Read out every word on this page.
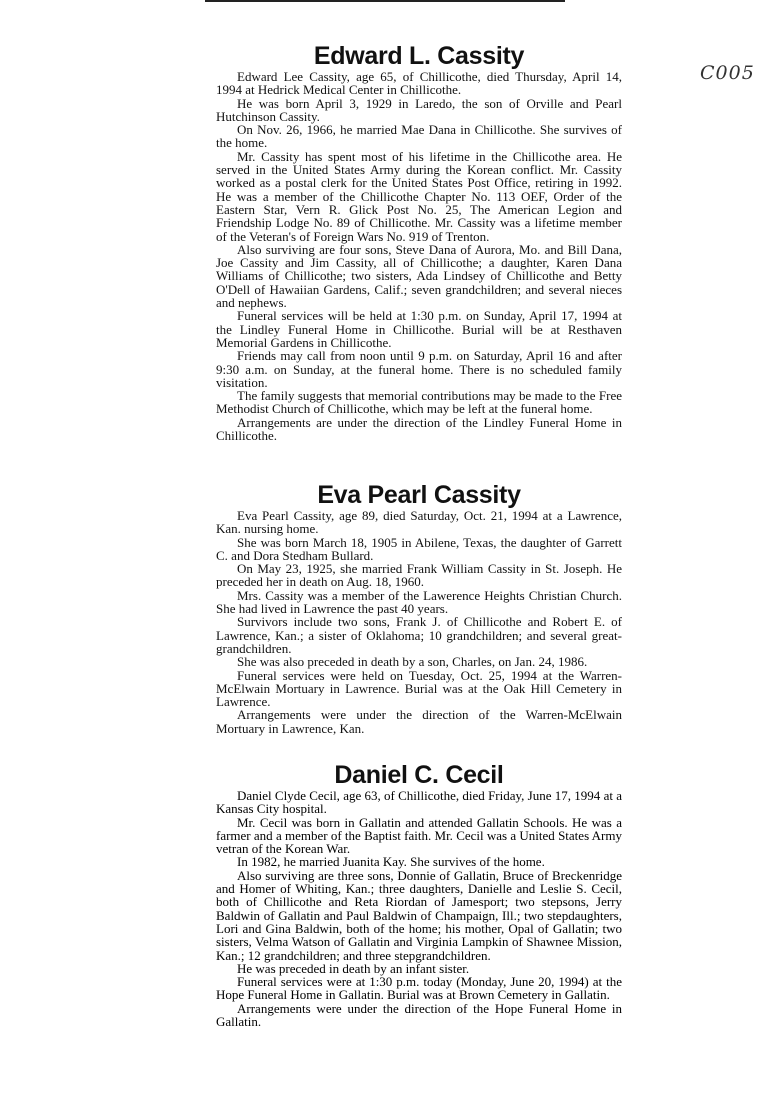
C005
Edward L. Cassity

Edward Lee Cassity, age 65, of Chillicothe, died Thursday, April 14, 1994 at Hedrick Medical Center in Chillicothe.

He was born April 3, 1929 in Laredo, the son of Orville and Pearl Hutchinson Cassity.

On Nov. 26, 1966, he married Mae Dana in Chillicothe. She survives of the home.

Mr. Cassity has spent most of his lifetime in the Chillicothe area. He served in the United States Army during the Korean conflict. Mr. Cassity worked as a postal clerk for the United States Post Office, retiring in 1992. He was a member of the Chillicothe Chapter No. 113 OEF, Order of the Eastern Star, Vern R. Glick Post No. 25, The American Legion and Friendship Lodge No. 89 of Chillicothe. Mr. Cassity was a lifetime member of the Veteran's of Foreign Wars No. 919 of Trenton.

Also surviving are four sons, Steve Dana of Aurora, Mo. and Bill Dana, Joe Cassity and Jim Cassity, all of Chillicothe; a daughter, Karen Dana Williams of Chillicothe; two sisters, Ada Lindsey of Chillicothe and Betty O'Dell of Hawaiian Gardens, Calif.; seven grandchildren; and several nieces and nephews.

Funeral services will be held at 1:30 p.m. on Sunday, April 17, 1994 at the Lindley Funeral Home in Chillicothe. Burial will be at Resthaven Memorial Gardens in Chillicothe.

Friends may call from noon until 9 p.m. on Saturday, April 16 and after 9:30 a.m. on Sunday, at the funeral home. There is no scheduled family visitation.

The family suggests that memorial contributions may be made to the Free Methodist Church of Chillicothe, which may be left at the funeral home.

Arrangements are under the direction of the Lindley Funeral Home in Chillicothe.

Eva Pearl Cassity

Eva Pearl Cassity, age 89, died Saturday, Oct. 21, 1994 at a Lawrence, Kan. nursing home.

She was born March 18, 1905 in Abilene, Texas, the daughter of Garrett C. and Dora Stedham Bullard.

On May 23, 1925, she married Frank William Cassity in St. Joseph. He preceded her in death on Aug. 18, 1960.

Mrs. Cassity was a member of the Lawerence Heights Christian Church. She had lived in Lawrence the past 40 years.

Survivors include two sons, Frank J. of Chillicothe and Robert E. of Lawrence, Kan.; a sister of Oklahoma; 10 grandchildren; and several great-grandchildren.

She was also preceded in death by a son, Charles, on Jan. 24, 1986.

Funeral services were held on Tuesday, Oct. 25, 1994 at the Warren-McElwain Mortuary in Lawrence. Burial was at the Oak Hill Cemetery in Lawrence.

Arrangements were under the direction of the Warren-McElwain Mortuary in Lawrence, Kan.

Daniel C. Cecil

Daniel Clyde Cecil, age 63, of Chillicothe, died Friday, June 17, 1994 at a Kansas City hospital.

Mr. Cecil was born in Gallatin and attended Gallatin Schools. He was a farmer and a member of the Baptist faith. Mr. Cecil was a United States Army vetran of the Korean War.

In 1982, he married Juanita Kay. She survives of the home.

Also surviving are three sons, Donnie of Gallatin, Bruce of Breckenridge and Homer of Whiting, Kan.; three daughters, Danielle and Leslie S. Cecil, both of Chillicothe and Reta Riordan of Jamesport; two stepsons, Jerry Baldwin of Gallatin and Paul Baldwin of Champaign, Ill.; two stepdaughters, Lori and Gina Baldwin, both of the home; his mother, Opal of Gallatin; two sisters, Velma Watson of Gallatin and Virginia Lampkin of Shawnee Mission, Kan.; 12 grandchildren; and three stepgrandchildren.

He was preceded in death by an infant sister.

Funeral services were at 1:30 p.m. today (Monday, June 20, 1994) at the Hope Funeral Home in Gallatin. Burial was at Brown Cemetery in Gallatin.

Arrangements were under the direction of the Hope Funeral Home in Gallatin.
